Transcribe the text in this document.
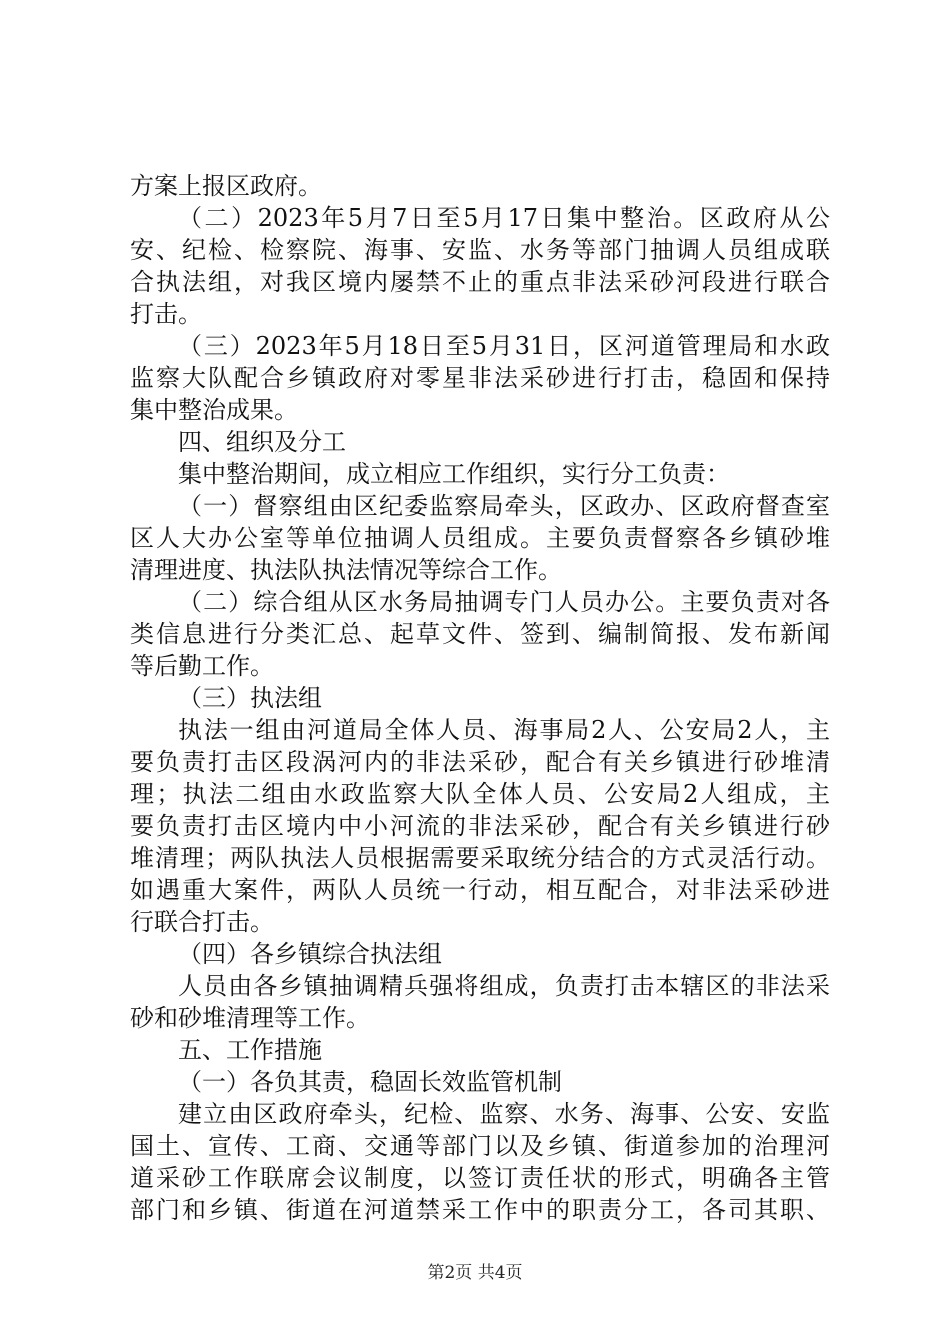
方案上报区政府。
（二）2023年5月7日至5月17日集中整治。区政府从公
安、纪检、检察院、海事、安监、水务等部门抽调人员组成联
合执法组，对我区境内屡禁不止的重点非法采砂河段进行联合
打击。
（三）2023年5月18日至5月31日，区河道管理局和水政
监察大队配合乡镇政府对零星非法采砂进行打击，稳固和保持
集中整治成果。
四、组织及分工
集中整治期间，成立相应工作组织，实行分工负责：
（一）督察组由区纪委监察局牵头，区政办、区政府督查室
区人大办公室等单位抽调人员组成。主要负责督察各乡镇砂堆
清理进度、执法队执法情况等综合工作。
（二）综合组从区水务局抽调专门人员办公。主要负责对各
类信息进行分类汇总、起草文件、签到、编制简报、发布新闻
等后勤工作。
（三）执法组
执法一组由河道局全体人员、海事局2人、公安局2人，主
要负责打击区段涡河内的非法采砂，配合有关乡镇进行砂堆清
理；执法二组由水政监察大队全体人员、公安局2人组成，主
要负责打击区境内中小河流的非法采砂，配合有关乡镇进行砂
堆清理；两队执法人员根据需要采取统分结合的方式灵活行动。
如遇重大案件，两队人员统一行动，相互配合，对非法采砂进
行联合打击。
（四）各乡镇综合执法组
人员由各乡镇抽调精兵强将组成，负责打击本辖区的非法采
砂和砂堆清理等工作。
五、工作措施
（一）各负其责，稳固长效监管机制
建立由区政府牵头，纪检、监察、水务、海事、公安、安监
国土、宣传、工商、交通等部门以及乡镇、街道参加的治理河
道采砂工作联席会议制度，以签订责任状的形式，明确各主管
部门和乡镇、街道在河道禁采工作中的职责分工，各司其职、
第2页 共4页
